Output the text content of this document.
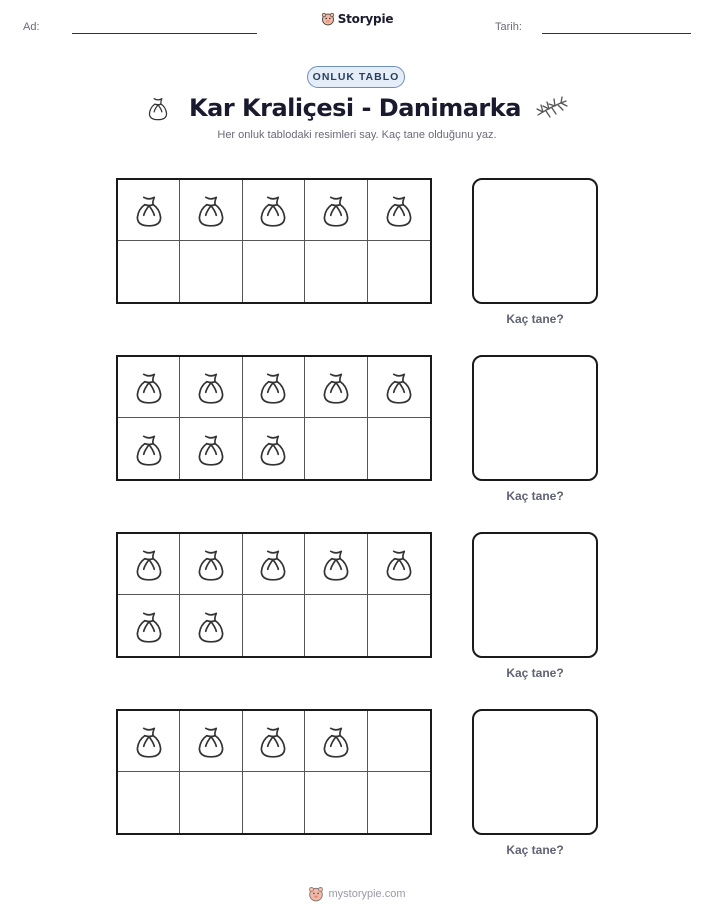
Ad:
Storypie
Tarih:
ONLUK TABLO
Kar Kraliçesi - Danimarka
Her onluk tablodaki resimleri say. Kaç tane olduğunu yaz.
Kaç tane?
Kaç tane?
Kaç tane?
Kaç tane?
mystorypie.com
